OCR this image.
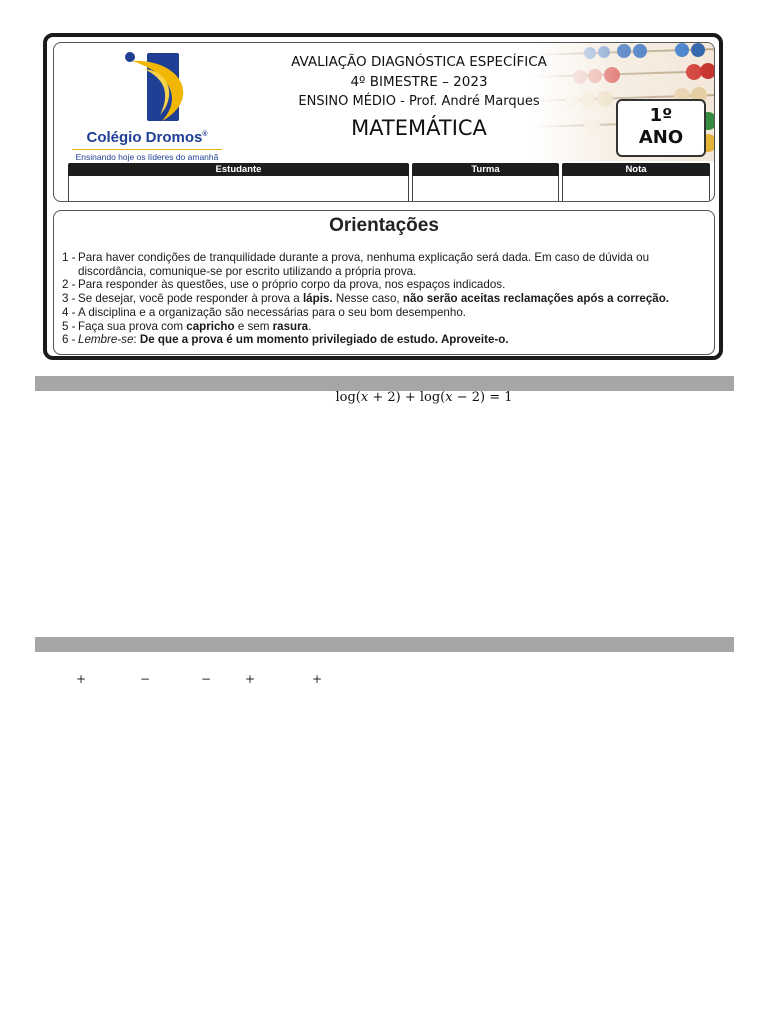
Colégio Dromos®
Ensinando hoje os líderes do amanhã
AVALIAÇÃO DIAGNÓSTICA ESPECÍFICA
4º BIMESTRE – 2023
ENSINO MÉDIO - Prof. André Marques
MATEMÁTICA
1º
ANO
Estudante	Turma	Nota
Orientações
1 - Para haver condições de tranquilidade durante a prova, nenhuma explicação será dada. Em caso de dúvida ou discordância, comunique-se por escrito utilizando a própria prova.
2 - Para responder às questões, use o próprio corpo da prova, nos espaços indicados.
3 - Se desejar, você pode responder à prova a lápis. Nesse caso, não serão aceitas reclamações após a correção.
4 - A disciplina e a organização são necessárias para o seu bom desempenho.
5 - Faça sua prova com capricho e sem rasura.
6 - Lembre-se: De que a prova é um momento privilegiado de estudo. Aproveite-o.
log(x + 2) + log(x − 2) = 1
+	−	−	+	+
